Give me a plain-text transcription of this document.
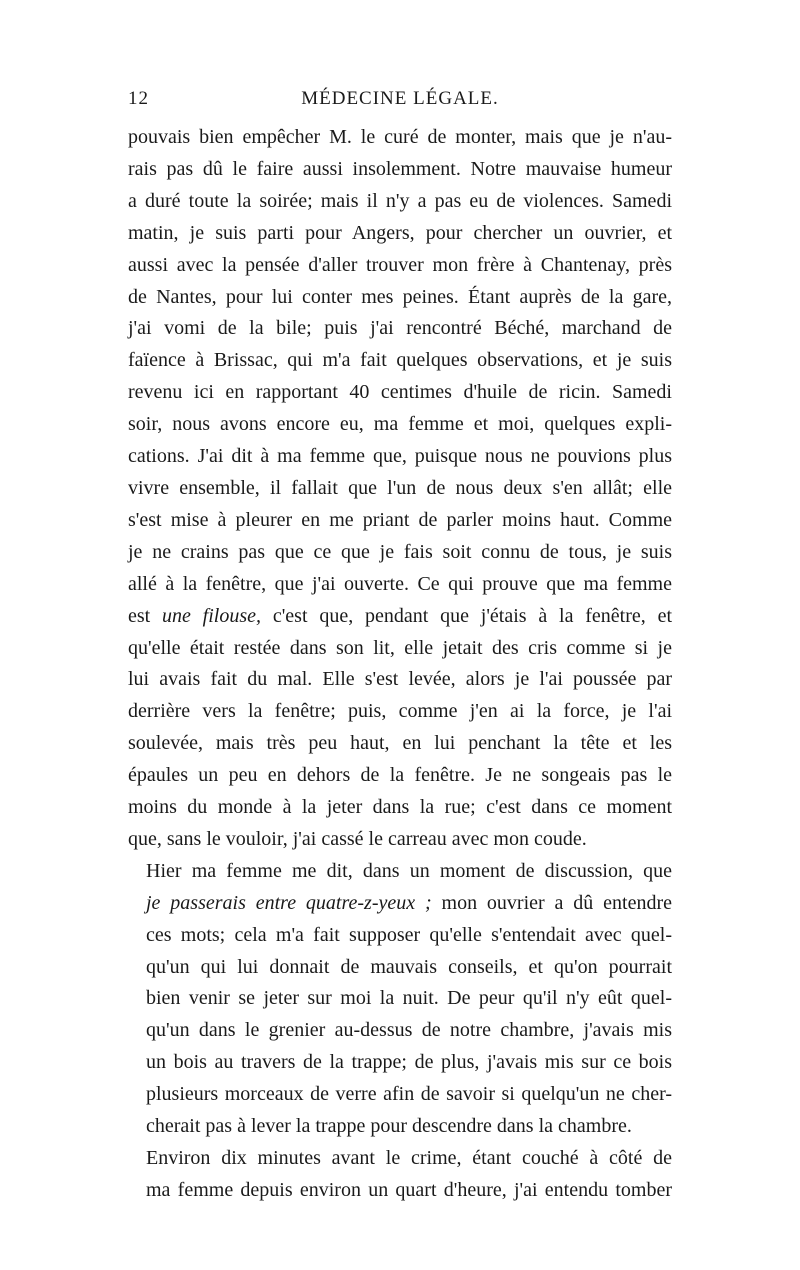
12	MÉDECINE LÉGALE.
pouvais bien empêcher M. le curé de monter, mais que je n'au-
rais pas dû le faire aussi insolemment. Notre mauvaise humeur
a duré toute la soirée; mais il n'y a pas eu de violences. Samedi
matin, je suis parti pour Angers, pour chercher un ouvrier, et
aussi avec la pensée d'aller trouver mon frère à Chantenay, près
de Nantes, pour lui conter mes peines. Étant auprès de la gare,
j'ai vomi de la bile; puis j'ai rencontré Béché, marchand de
faïence à Brissac, qui m'a fait quelques observations, et je suis
revenu ici en rapportant 40 centimes d'huile de ricin. Samedi
soir, nous avons encore eu, ma femme et moi, quelques expli-
cations. J'ai dit à ma femme que, puisque nous ne pouvions plus
vivre ensemble, il fallait que l'un de nous deux s'en allât; elle
s'est mise à pleurer en me priant de parler moins haut. Comme
je ne crains pas que ce que je fais soit connu de tous, je suis
allé à la fenêtre, que j'ai ouverte. Ce qui prouve que ma femme
est une filouse, c'est que, pendant que j'étais à la fenêtre, et
qu'elle était restée dans son lit, elle jetait des cris comme si je
lui avais fait du mal. Elle s'est levée, alors je l'ai poussée par
derrière vers la fenêtre; puis, comme j'en ai la force, je l'ai
soulevée, mais très peu haut, en lui penchant la tête et les
épaules un peu en dehors de la fenêtre. Je ne songeais pas le
moins du monde à la jeter dans la rue; c'est dans ce moment
que, sans le vouloir, j'ai cassé le carreau avec mon coude.
Hier ma femme me dit, dans un moment de discussion, que
je passerais entre quatre-z-yeux ; mon ouvrier a dû entendre
ces mots; cela m'a fait supposer qu'elle s'entendait avec quel-
qu'un qui lui donnait de mauvais conseils, et qu'on pourrait
bien venir se jeter sur moi la nuit. De peur qu'il n'y eût quel-
qu'un dans le grenier au-dessus de notre chambre, j'avais mis
un bois au travers de la trappe; de plus, j'avais mis sur ce bois
plusieurs morceaux de verre afin de savoir si quelqu'un ne cher-
cherait pas à lever la trappe pour descendre dans la chambre.
Environ dix minutes avant le crime, étant couché à côté de
ma femme depuis environ un quart d'heure, j'ai entendu tomber
